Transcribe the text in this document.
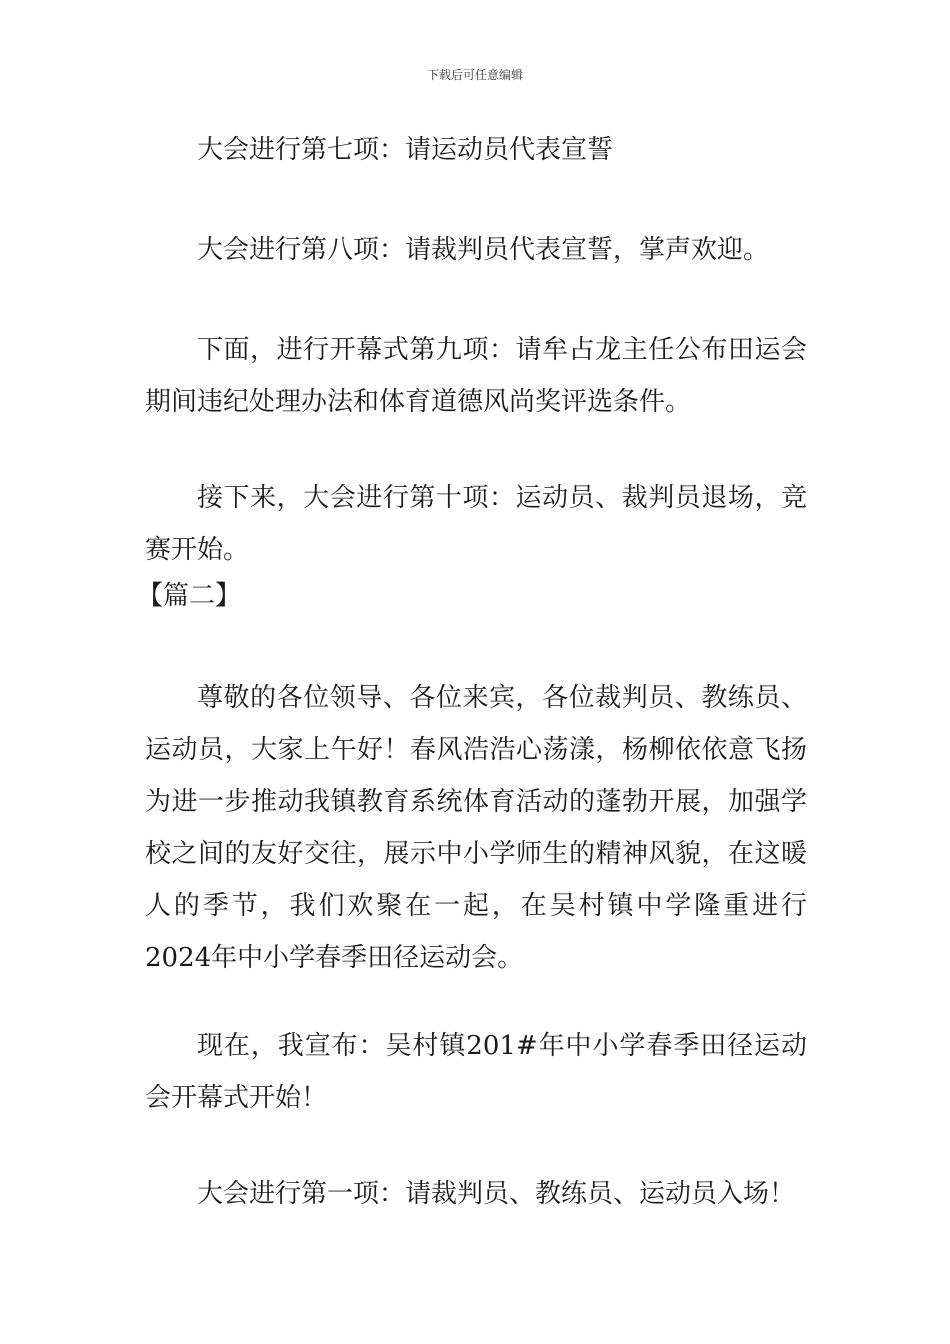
下载后可任意编辑

大会进行第七项：请运动员代表宣誓

大会进行第八项：请裁判员代表宣誓，掌声欢迎。

下面，进行开幕式第九项：请牟占龙主任公布田运会期间违纪处理办法和体育道德风尚奖评选条件。

接下来，大会进行第十项：运动员、裁判员退场，竞赛开始。

【篇二】

尊敬的各位领导、各位来宾，各位裁判员、教练员、运动员，大家上午好！春风浩浩心荡漾，杨柳依依意飞扬为进一步推动我镇教育系统体育活动的蓬勃开展，加强学校之间的友好交往，展示中小学师生的精神风貌，在这暖人的季节，我们欢聚在一起，在吴村镇中学隆重进行2024年中小学春季田径运动会。

现在，我宣布：吴村镇201#年中小学春季田径运动会开幕式开始！

大会进行第一项：请裁判员、教练员、运动员入场！
